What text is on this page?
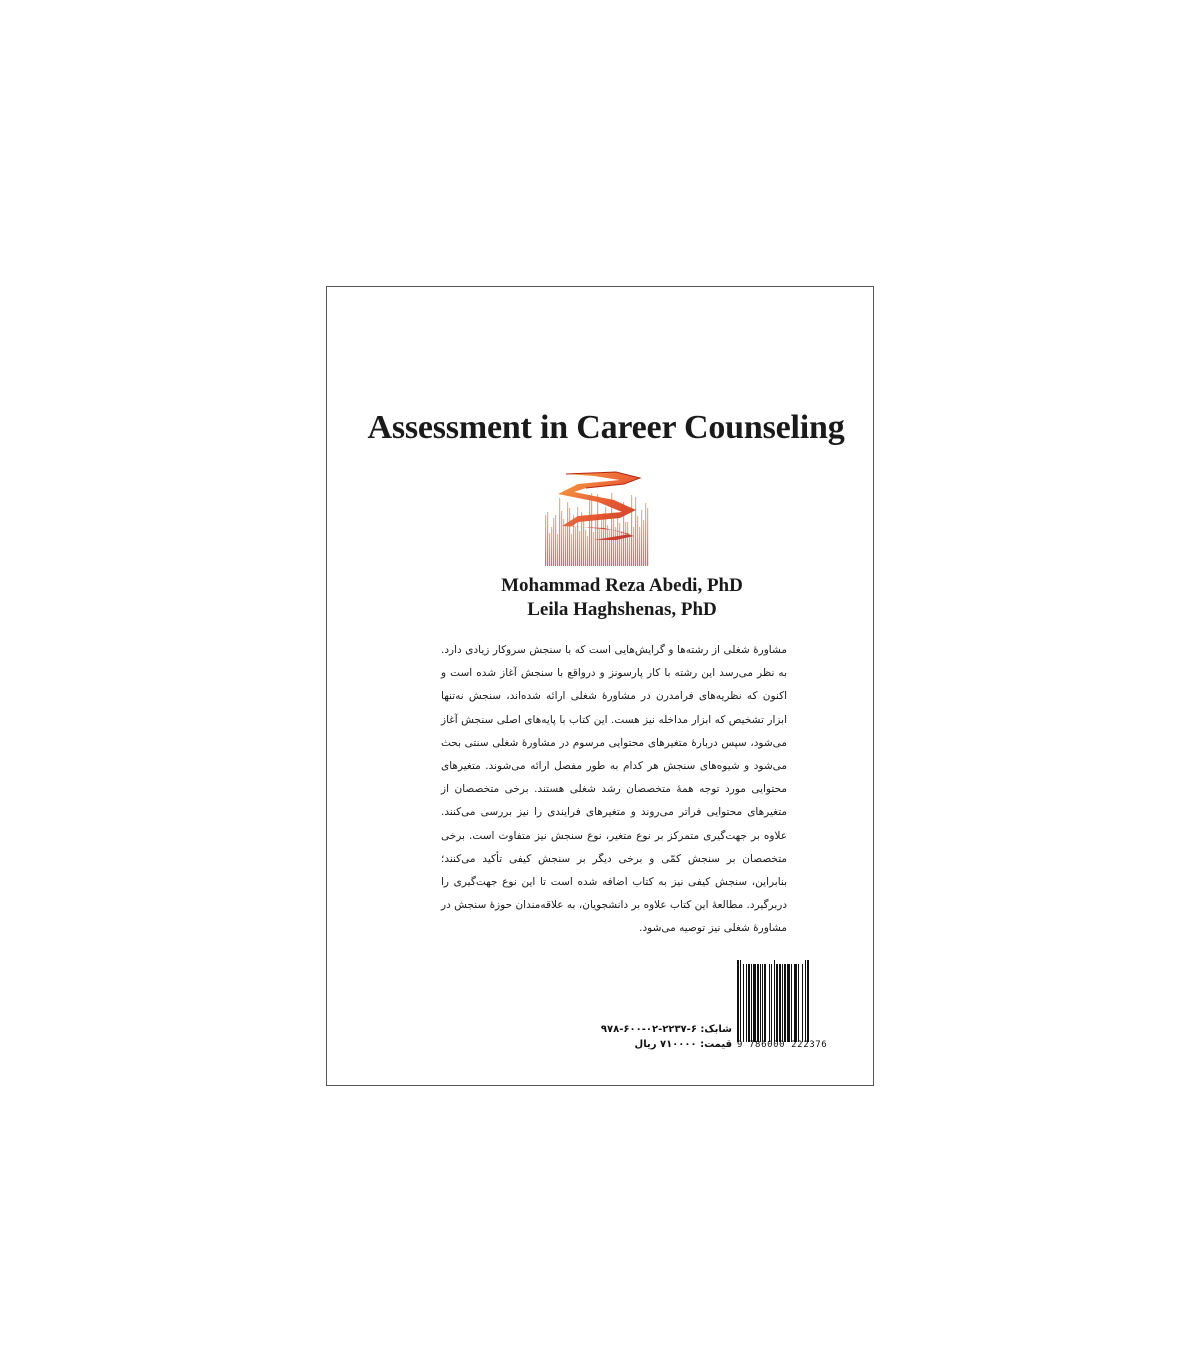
Assessment in Career Counseling
Mohammad Reza Abedi, PhD
Leila Haghshenas, PhD

مشاورهٔ شغلی از رشته‌ها و گرایش‌هایی است که با سنجش سروکار زیادی دارد. به نظر می‌رسد این رشته با کار پارسونز و درواقع با سنجش آغاز شده است و اکنون که نظریه‌های فرامدرن در مشاورهٔ شغلی ارائه شده‌اند، سنجش نه‌تنها ابزار تشخیص که ابزار مداخله نیز هست. این کتاب با پایه‌های اصلی سنجش آغاز می‌شود، سپس دربارهٔ متغیرهای محتوایی مرسوم در مشاورهٔ شغلی سنتی بحث می‌شود و شیوه‌های سنجش هر کدام به طور مفصل ارائه می‌شوند. متغیرهای محتوایی مورد توجه همهٔ متخصصان رشد شغلی هستند. برخی متخصصان از متغیرهای محتوایی فراتر می‌روند و متغیرهای فرایندی را نیز بررسی می‌کنند. علاوه بر جهت‌گیری متمرکز بر نوع متغیر، نوع سنجش نیز متفاوت است. برخی متخصصان بر سنجش کمّی و برخی دیگر بر سنجش کیفی تأکید می‌کنند؛ بنابراین، سنجش کیفی نیز به کتاب اضافه شده است تا این نوع جهت‌گیری را دربرگیرد. مطالعهٔ این کتاب علاوه بر دانشجویان، به علاقه‌مندان حوزهٔ سنجش در مشاورهٔ شغلی نیز توصیه می‌شود.

9 786000 222376
شابک: ۶-۲۲۳۷-۰۲-۶۰۰-۹۷۸
قیمت: ۷۱۰۰۰۰ ریال
